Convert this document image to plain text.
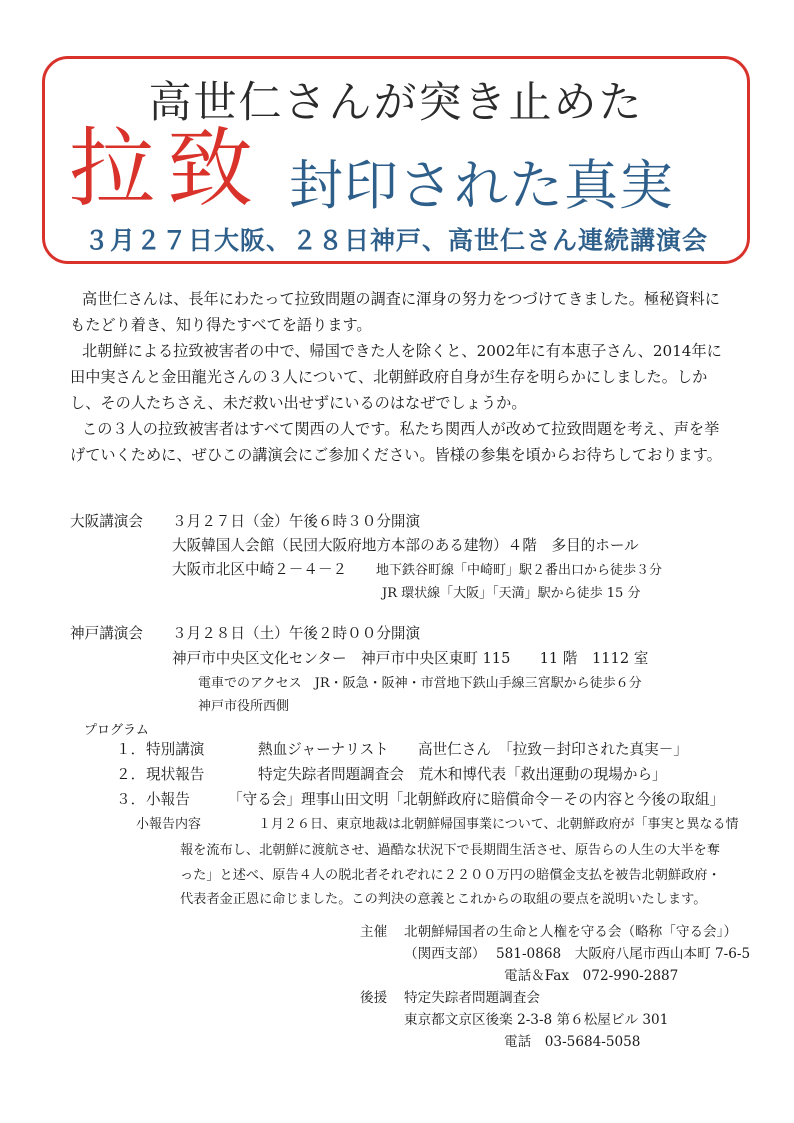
高世仁さんが突き止めた
拉致 封印された真実
３月２７日大阪、２８日神戸、高世仁さん連続講演会

高世仁さんは、長年にわたって拉致問題の調査に渾身の努力をつづけてきました。極秘資料にもたどり着き、知り得たすべてを語ります。

北朝鮮による拉致被害者の中で、帰国できた人を除くと、2002年に有本恵子さん、2014年に田中実さんと金田龍光さんの３人について、北朝鮮政府自身が生存を明らかにしました。しかし、その人たちさえ、未だ救い出せずにいるのはなぜでしょうか。

この３人の拉致被害者はすべて関西の人です。私たち関西人が改めて拉致問題を考え、声を挙げていくために、ぜひこの講演会にご参加ください。皆様の参集を頃からお待ちしております。

大阪講演会 ３月２７日（金）午後６時３０分開演
大阪韓国人会館（民団大阪府地方本部のある建物）４階　多目的ホール
大阪市北区中崎２－４－２ 地下鉄谷町線「中崎町」駅２番出口から徒歩３分
JR 環状線「大阪」「天満」駅から徒歩 15 分
神戸講演会 ３月２８日（土）午後２時００分開演
神戸市中央区文化センター　神戸市中央区東町 115　　11 階　1112 室
電車でのアクセス　JR・阪急・阪神・市営地下鉄山手線三宮駅から徒歩６分
神戸市役所西側
プログラム
１． 特別講演	熱血ジャーナリスト　　高世仁さん　「拉致－封印された真実－」
２． 現状報告	特定失踪者問題調査会　荒木和博代表「救出運動の現場から」
３． 小報告	「守る会」理事山田文明「北朝鮮政府に賠償命令－その内容と今後の取組」
小報告内容	１月２６日、東京地裁は北朝鮮帰国事業について、北朝鮮政府が「事実と異なる情

報を流布し、北朝鮮に渡航させ、過酷な状況下で長期間生活させ、原告らの人生の大半を奪

った」と述べ、原告４人の脱北者それぞれに２２００万円の賠償金支払を被告北朝鮮政府・

代表者金正恩に命じました。この判決の意義とこれからの取組の要点を説明いたします。

主催 北朝鮮帰国者の生命と人権を守る会（略称「守る会」）
（関西支部） 581-0868　大阪府八尾市西山本町 7-6-5
電話＆Fax　072-990-2887
後援 特定失踪者問題調査会
東京都文京区後楽 2-3-8 第６松屋ビル 301
電話　03-5684-5058
